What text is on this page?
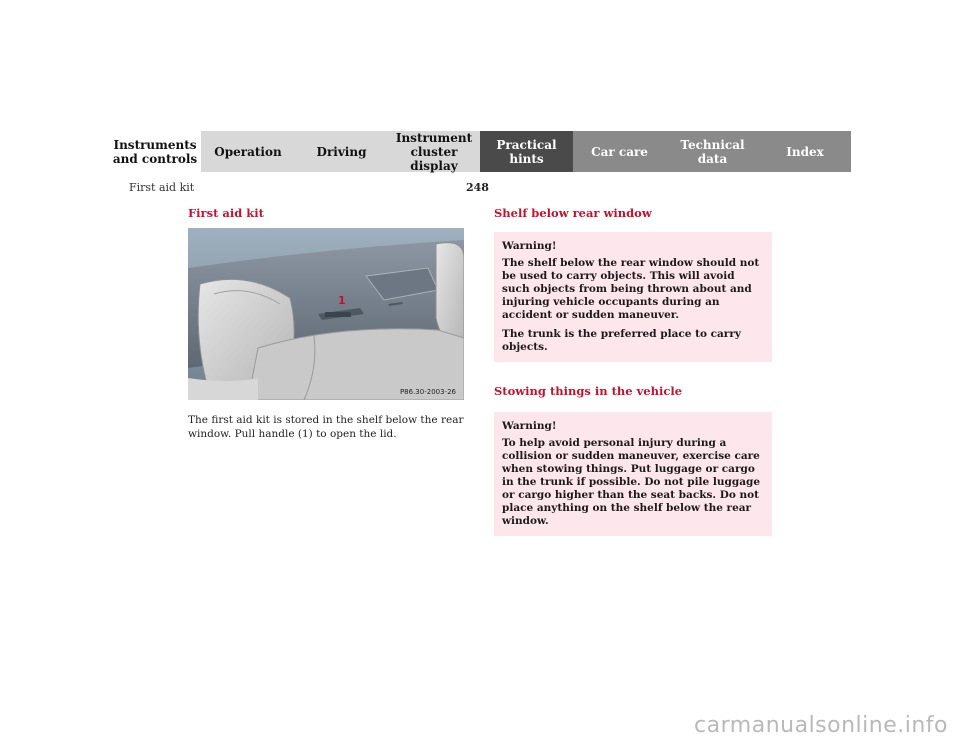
Instruments
and controls	Operation	Driving
Instrument
cluster display
Practical hints	Car care	Technical
data	Index
First aid kit	248
First aid kit
1
P86.30-2003-26
The first aid kit is stored in the shelf below the rear window. Pull handle (1) to open the lid.
Shelf below rear window

Warning!

The shelf below the rear window should not be used to carry objects. This will avoid such objects from being thrown about and injuring vehicle occupants during an accident or sudden maneuver.

The trunk is the preferred place to carry objects.

Stowing things in the vehicle

Warning!

To help avoid personal injury during a collision or sudden maneuver, exercise care when stowing things. Put luggage or cargo in the trunk if possible. Do not pile luggage or cargo higher than the seat backs. Do not place anything on the shelf below the rear window.

carmanualsonline.info
